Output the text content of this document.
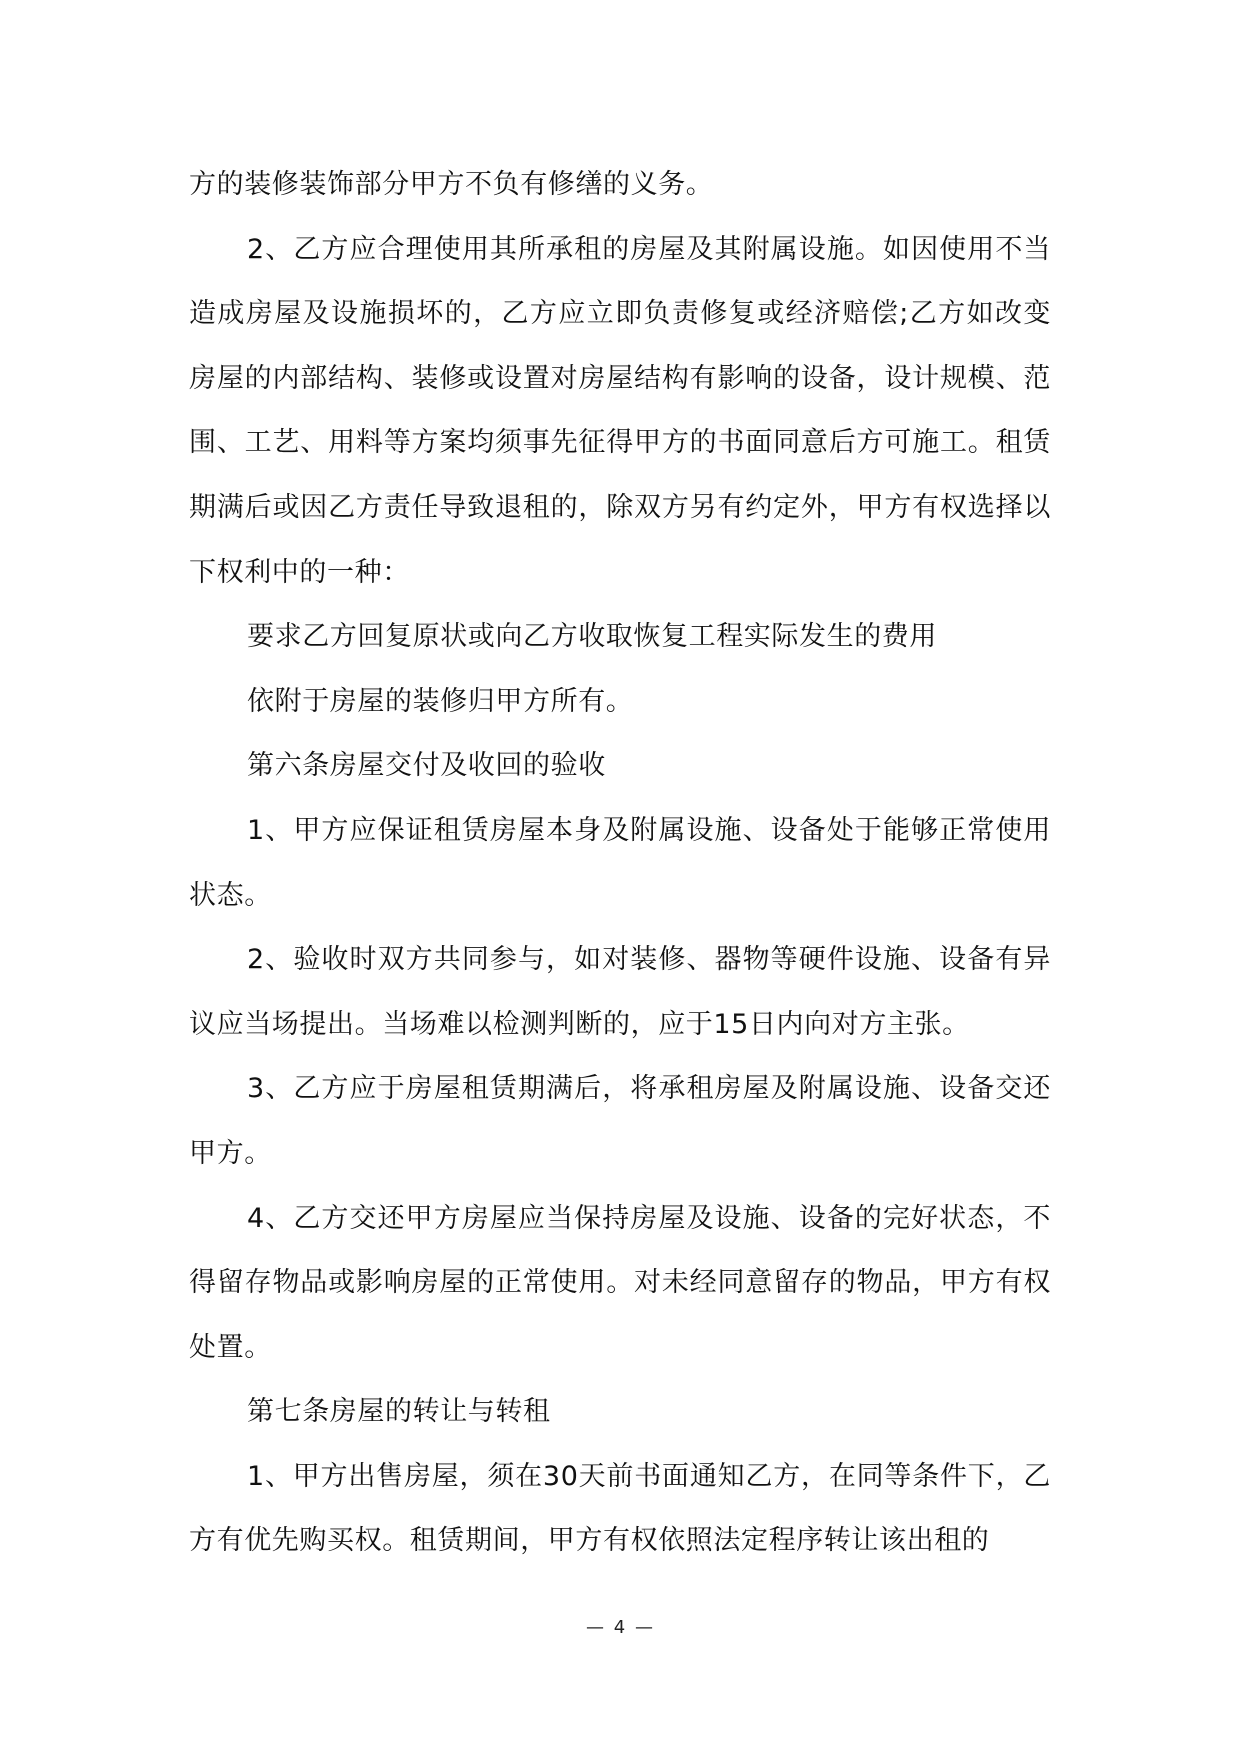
方的装修装饰部分甲方不负有修缮的义务。

2、乙方应合理使用其所承租的房屋及其附属设施。如因使用不当造成房屋及设施损坏的，乙方应立即负责修复或经济赔偿;乙方如改变房屋的内部结构、装修或设置对房屋结构有影响的设备，设计规模、范围、工艺、用料等方案均须事先征得甲方的书面同意后方可施工。租赁期满后或因乙方责任导致退租的，除双方另有约定外，甲方有权选择以下权利中的一种：

要求乙方回复原状或向乙方收取恢复工程实际发生的费用

依附于房屋的装修归甲方所有。

第六条房屋交付及收回的验收

1、甲方应保证租赁房屋本身及附属设施、设备处于能够正常使用状态。

2、验收时双方共同参与，如对装修、器物等硬件设施、设备有异议应当场提出。当场难以检测判断的，应于15日内向对方主张。

3、乙方应于房屋租赁期满后，将承租房屋及附属设施、设备交还甲方。

4、乙方交还甲方房屋应当保持房屋及设施、设备的完好状态，不得留存物品或影响房屋的正常使用。对未经同意留存的物品，甲方有权处置。

第七条房屋的转让与转租

1、甲方出售房屋，须在30天前书面通知乙方，在同等条件下，乙方有优先购买权。租赁期间，甲方有权依照法定程序转让该出租的

— 4 —
